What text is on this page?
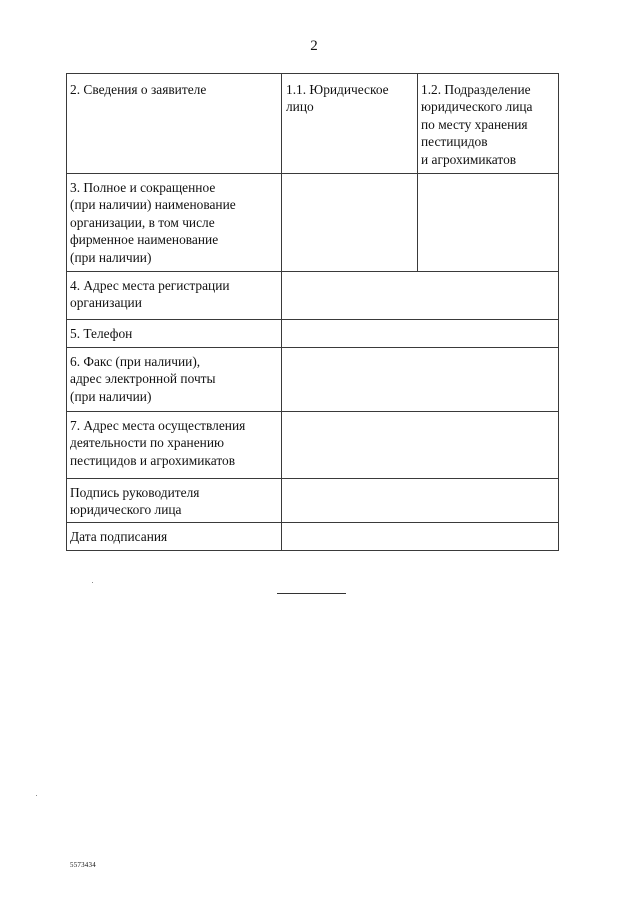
2
2. Сведения о заявителе	1.1. Юридическое
лицо
1.2. Подразделение
юридического лица
по месту хранения
пестицидов
и агрохимикатов
3. Полное и сокращенное
(при наличии) наименование
организации, в том числе
фирменное наименование
(при наличии)
4. Адрес места регистрации
организации
5. Телефон
6. Факс (при наличии),
адрес электронной почты
(при наличии)
7. Адрес места осуществления
деятельности по хранению
пестицидов и агрохимикатов
Подпись руководителя
юридического лица
Дата подписания
5573434
